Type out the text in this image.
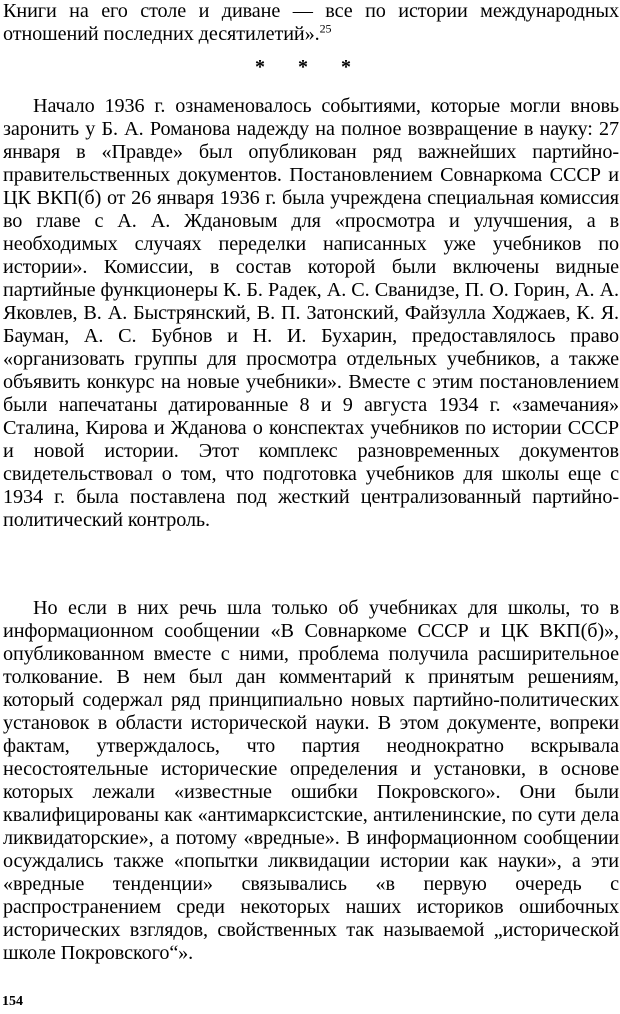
Книги на его столе и диване — все по истории международных отношений последних десятилетий».$^{25}$

* * *

Начало 1936 г. ознаменовалось событиями, которые могли вновь заронить у Б. А. Романова надежду на полное возвращение в науку: 27 января в «Правде» был опубликован ряд важнейших партийно-правительственных документов. Постановлением Совнаркома СССР и ЦК ВКП(б) от 26 января 1936 г. была учреждена специальная комиссия во главе с А. А. Ждановым для «просмотра и улучшения, а в необходимых случаях переделки написанных уже учебников по истории». Комиссии, в состав которой были включены видные партийные функционеры К. Б. Радек, А. С. Сванидзе, П. О. Горин, А. А. Яковлев, В. А. Быстрянский, В. П. Затонский, Файзулла Ходжаев, К. Я. Бауман, А. С. Бубнов и Н. И. Бухарин, предоставлялось право «организовать группы для просмотра отдельных учебников, а также объявить конкурс на новые учебники». Вместе с этим постановлением были напечатаны датированные 8 и 9 августа 1934 г. «замечания» Сталина, Кирова и Жданова о конспектах учебников по истории СССР и новой истории. Этот комплекс разновременных документов свидетельствовал о том, что подготовка учебников для школы еще с 1934 г. была поставлена под жесткий централизованный партийно-политический контроль.

Но если в них речь шла только об учебниках для школы, то в информационном сообщении «В Совнаркоме СССР и ЦК ВКП(б)», опубликованном вместе с ними, проблема получила расширительное толкование. В нем был дан комментарий к принятым решениям, который содержал ряд принципиально новых партийно-политических установок в области исторической науки. В этом документе, вопреки фактам, утверждалось, что партия неоднократно вскрывала несостоятельные исторические определения и установки, в основе которых лежали «известные ошибки Покровского». Они были квалифицированы как «антимарксистские, антиленинские, по сути дела ликвидаторские», а потому «вредные». В информационном сообщении осуждались также «попытки ликвидации истории как науки», а эти «вредные тенденции» связывались «в первую очередь с распространением среди некоторых наших историков ошибочных исторических взглядов, свойственных так называемой „исторической школе Покровского“».

154
